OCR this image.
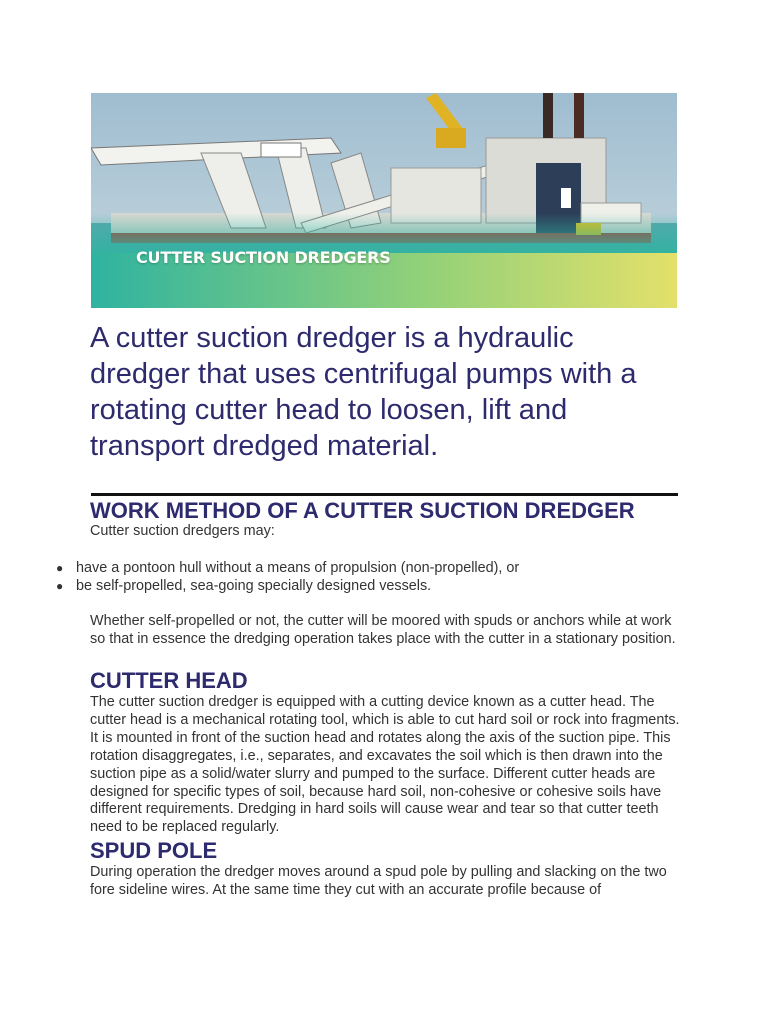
CUTTER SUCTION DREDGERS

A cutter suction dredger is a hydraulic dredger that uses centrifugal pumps with a rotating cutter head to loosen, lift and transport dredged material.

WORK METHOD OF A CUTTER SUCTION DREDGER

Cutter suction dredgers may:

● have a pontoon hull without a means of propulsion (non-propelled), or
● be self-propelled, sea-going specially designed vessels.

Whether self-propelled or not, the cutter will be moored with spuds or anchors while at work so that in essence the dredging operation takes place with the cutter in a stationary position.

CUTTER HEAD

The cutter suction dredger is equipped with a cutting device known as a cutter head. The cutter head is a mechanical rotating tool, which is able to cut hard soil or rock into fragments. It is mounted in front of the suction head and rotates along the axis of the suction pipe. This rotation disaggregates, i.e., separates, and excavates the soil which is then drawn into the suction pipe as a solid/water slurry and pumped to the surface. Different cutter heads are designed for specific types of soil, because hard soil, non-cohesive or cohesive soils have different requirements. Dredging in hard soils will cause wear and tear so that cutter teeth need to be replaced regularly.

SPUD POLE

During operation the dredger moves around a spud pole by pulling and slacking on the two fore sideline wires. At the same time they cut with an accurate profile because of
